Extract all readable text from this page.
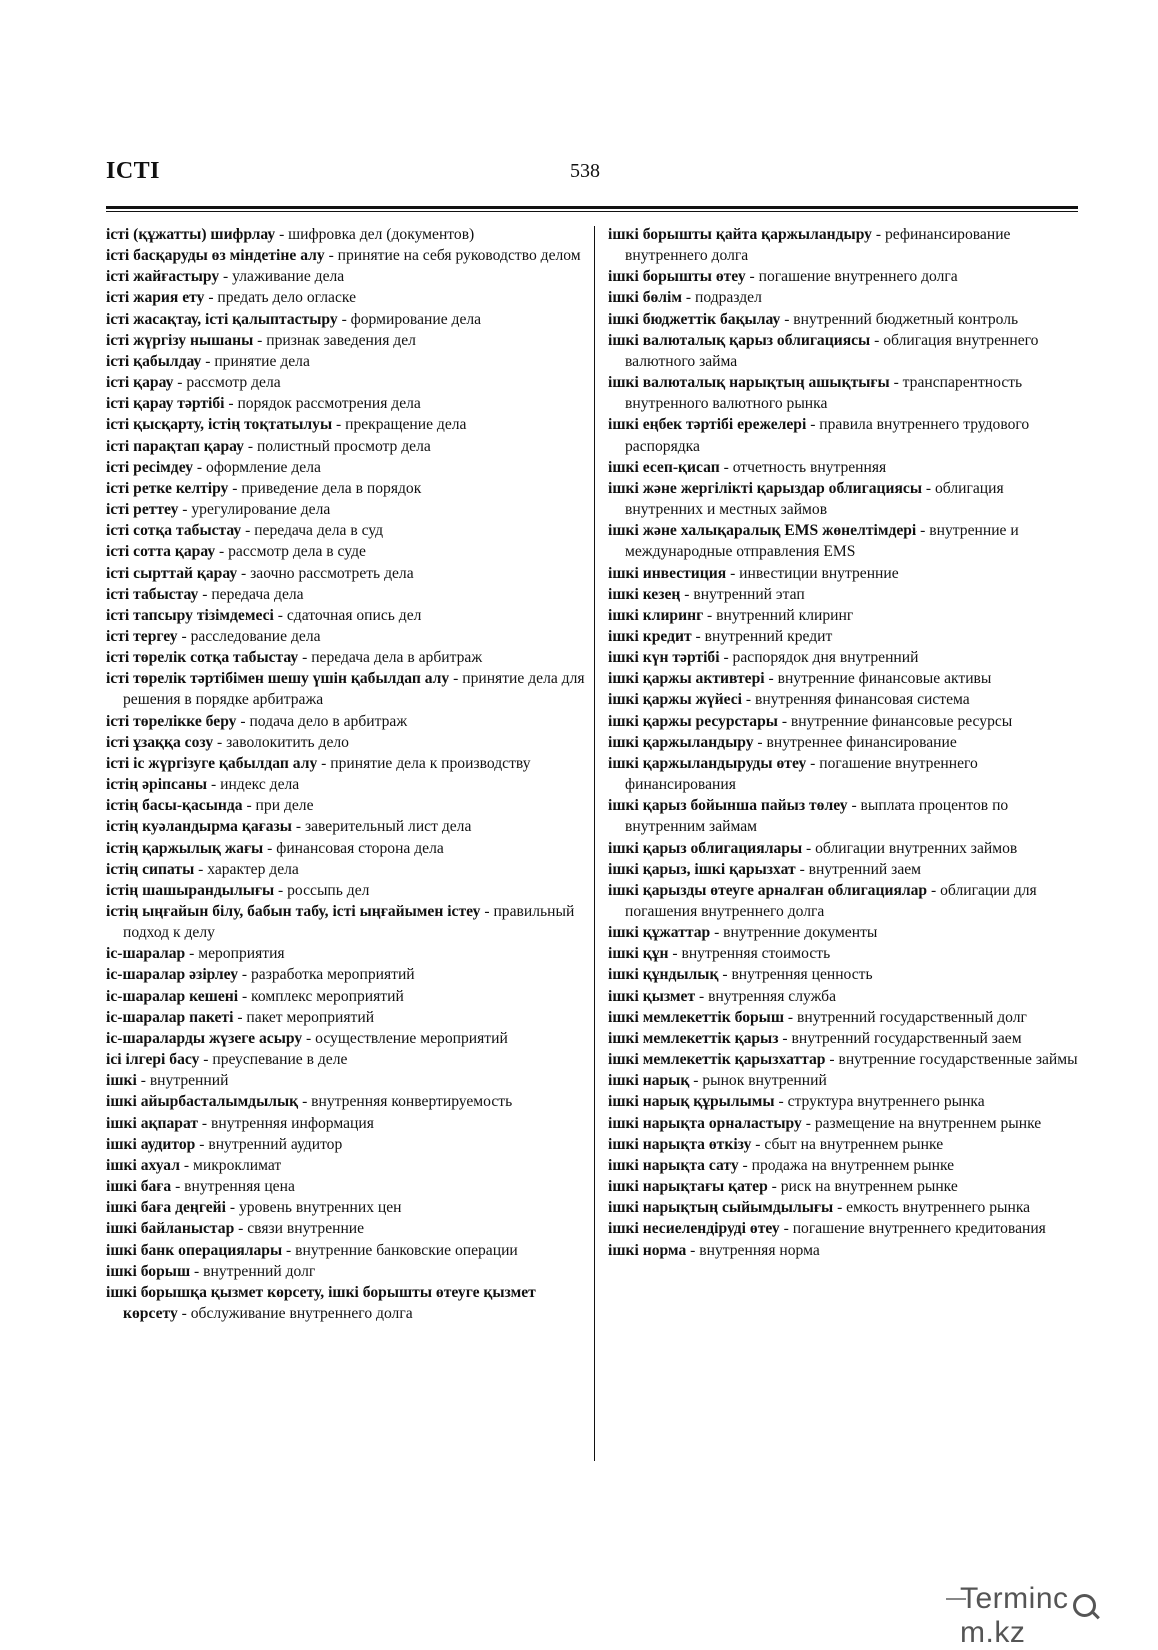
ІСТІ	538

істі (құжатты) шифрлау - шифровка дел (документов)

істі басқаруды өз міндетіне алу - принятие на себя руководство делом

істі жайғастыру - улаживание дела

істі жария ету - предать дело огласке

істі жасақтау, істі қалыптастыру - формирование дела

істі жүргізу нышаны - признак заведения дел

істі қабылдау - принятие дела

істі қарау - рассмотр дела

істі қарау тәртібі - порядок рассмотрения дела

істі қысқарту, істің тоқтатылуы - прекращение дела

істі парақтап қарау - полистный просмотр дела

істі ресімдеу - оформление дела

істі ретке келтіру - приведение дела в порядок

істі реттеу - урегулирование дела

істі сотқа табыстау - передача дела в суд

істі сотта қарау - рассмотр дела в суде

істі сырттай қарау - заочно рассмотреть дела

істі табыстау - передача дела

істі тапсыру тізімдемесі - сдаточная опись дел

істі тергеу - расследование дела

істі төрелік сотқа табыстау - передача дела в арбитраж

істі төрелік тәртібімен шешу үшін қабылдап алу - принятие дела для решения в порядке арбитража

істі төрелікке беру - подача дело в арбитраж

істі ұзаққа созу - заволокитить дело

істі іс жүргізуге қабылдап алу - принятие дела к производству

істің әріпсаны - индекс дела

істің басы-қасында - при деле

істің куәландырма қағазы - заверительный лист дела

істің қаржылық жағы - финансовая сторона дела

істің сипаты - характер дела

істің шашырандылығы - россыпь дел

істің ыңғайын білу, бабын табу, істі ыңғайымен істеу - правильный подход к делу

іс-шаралар - мероприятия

іс-шаралар әзірлеу - разработка мероприятий

іс-шаралар кешені - комплекс мероприятий

іс-шаралар пакеті - пакет мероприятий

іс-шараларды жүзеге асыру - осуществление мероприятий

ісі ілгері басу - преуспевание в деле

ішкі - внутренний

ішкі айырбасталымдылық - внутренняя конвертируемость

ішкі ақпарат - внутренняя информация

ішкі аудитор - внутренний аудитор

ішкі ахуал - микроклимат

ішкі баға - внутренняя цена

ішкі баға деңгейі - уровень внутренних цен

ішкі байланыстар - связи внутренние

ішкі банк операциялары - внутренние банковские операции

ішкі борыш - внутренний долг

ішкі борышқа қызмет көрсету, ішкі борышты өтеуге қызмет көрсету - обслуживание внутреннего долга

ішкі борышты қайта қаржыландыру - рефинансирование внутреннего долга

ішкі борышты өтеу - погашение внутреннего долга

ішкі бөлім - подраздел

ішкі бюджеттік бақылау - внутренний бюджетный контроль

ішкі валюталық қарыз облигациясы - облигация внутреннего валютного займа

ішкі валюталық нарықтың ашықтығы - транспарентность внутренного валютного рынка

ішкі еңбек тәртібі ережелері - правила внутреннего трудового распорядка

ішкі есеп-қисап - отчетность внутренняя

ішкі және жергілікті қарыздар облигациясы - облигация внутренних и местных займов

ішкі және халықаралық EMS жөнелтімдері - внутренние и международные отправления EMS

ішкі инвестиция - инвестиции внутренние

ішкі кезең - внутренний этап

ішкі клиринг - внутренний клиринг

ішкі кредит - внутренний кредит

ішкі күн тәртібі - распорядок дня внутренний

ішкі қаржы активтері - внутренние финансовые активы

ішкі қаржы жүйесі - внутренняя финансовая система

ішкі қаржы ресурстары - внутренние финансовые ресурсы

ішкі қаржыландыру - внутреннее финансирование

ішкі қаржыландыруды өтеу - погашение внутреннего финансирования

ішкі қарыз бойынша пайыз төлеу - выплата процентов по внутренним займам

ішкі қарыз облигациялары - облигации внутренних займов

ішкі қарыз, ішкі қарызхат - внутренний заем

ішкі қарызды өтеуге арналған облигациялар - облигации для погашения внутреннего долга

ішкі құжаттар - внутренние документы

ішкі құн - внутренняя стоимость

ішкі құндылық - внутренняя ценность

ішкі қызмет - внутренняя служба

ішкі мемлекеттік борыш - внутренний государственный долг

ішкі мемлекеттік қарыз - внутренний государственный заем

ішкі мемлекеттік қарызхаттар - внутренние государственные займы

ішкі нарық - рынок внутренний

ішкі нарық құрылымы - структура внутреннего рынка

ішкі нарықта орналастыру - размещение на внутреннем рынке

ішкі нарықта өткізу - сбыт на внутреннем рынке

ішкі нарықта сату - продажа на внутреннем рынке

ішкі нарықтағы қатер - риск на внутреннем рынке

ішкі нарықтың сыйымдылығы - емкость внутреннего рынка

ішкі несиелендіруді өтеу - погашение внутреннего кредитования

ішкі норма - внутренняя норма

Termincm.kz
